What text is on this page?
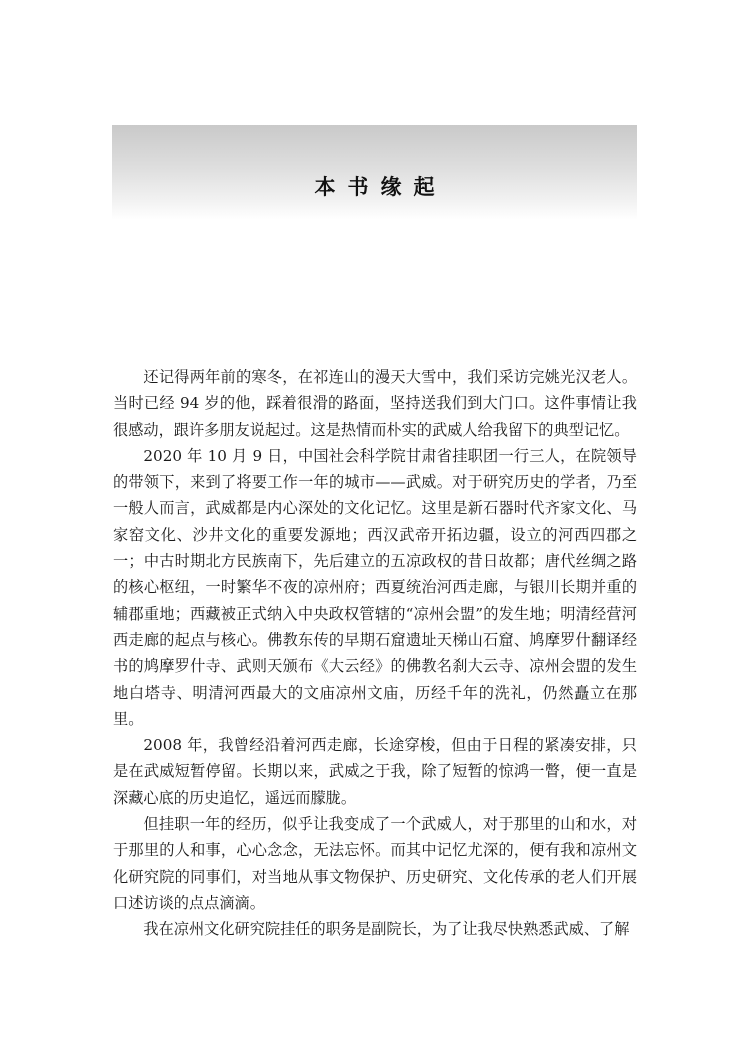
本书缘起

还记得两年前的寒冬，在祁连山的漫天大雪中，我们采访完姚光汉老人。当时已经 94 岁的他，踩着很滑的路面，坚持送我们到大门口。这件事情让我很感动，跟许多朋友说起过。这是热情而朴实的武威人给我留下的典型记忆。

2020 年 10 月 9 日，中国社会科学院甘肃省挂职团一行三人，在院领导的带领下，来到了将要工作一年的城市——武威。对于研究历史的学者，乃至一般人而言，武威都是内心深处的文化记忆。这里是新石器时代齐家文化、马家窑文化、沙井文化的重要发源地；西汉武帝开拓边疆，设立的河西四郡之一；中古时期北方民族南下，先后建立的五凉政权的昔日故都；唐代丝绸之路的核心枢纽，一时繁华不夜的凉州府；西夏统治河西走廊，与银川长期并重的辅郡重地；西藏被正式纳入中央政权管辖的“凉州会盟”的发生地；明清经营河西走廊的起点与核心。佛教东传的早期石窟遗址天梯山石窟、鸠摩罗什翻译经书的鸠摩罗什寺、武则天颁布《大云经》的佛教名刹大云寺、凉州会盟的发生地白塔寺、明清河西最大的文庙凉州文庙，历经千年的洗礼，仍然矗立在那里。

2008 年，我曾经沿着河西走廊，长途穿梭，但由于日程的紧凑安排，只是在武威短暂停留。长期以来，武威之于我，除了短暂的惊鸿一瞥，便一直是深藏心底的历史追忆，遥远而朦胧。

但挂职一年的经历，似乎让我变成了一个武威人，对于那里的山和水，对于那里的人和事，心心念念，无法忘怀。而其中记忆尤深的，便有我和凉州文化研究院的同事们，对当地从事文物保护、历史研究、文化传承的老人们开展口述访谈的点点滴滴。

我在凉州文化研究院挂任的职务是副院长，为了让我尽快熟悉武威、了解
